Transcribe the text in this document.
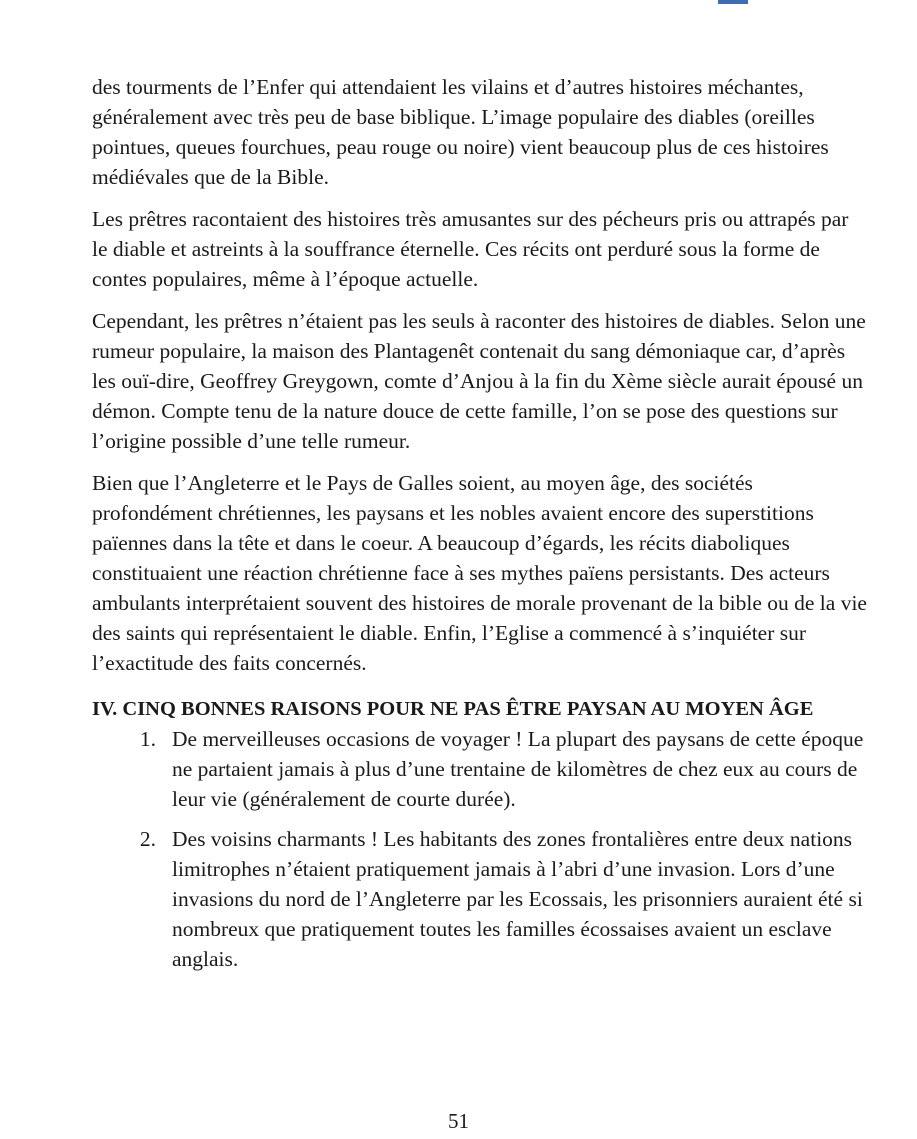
des tourments de l’Enfer qui attendaient les vilains et d’autres histoires méchantes, généralement avec très peu de base biblique. L’image populaire des diables (oreilles pointues, queues fourchues, peau rouge ou noire) vient beaucoup plus de ces histoires médiévales que de la Bible.

Les prêtres racontaient des histoires très amusantes sur des pécheurs pris ou attrapés par le diable et astreints à la souffrance éternelle. Ces récits ont perduré sous la forme de contes populaires, même à l’époque actuelle.

Cependant, les prêtres n’étaient pas les seuls à raconter des histoires de diables. Selon une rumeur populaire, la maison des Plantagenêt contenait du sang démoniaque car, d’après les ouï-dire, Geoffrey Greygown, comte d’Anjou à la fin du Xème siècle aurait épousé un démon. Compte tenu de la nature douce de cette famille, l’on se pose des questions sur l’origine possible d’une telle rumeur.

Bien que l’Angleterre et le Pays de Galles soient, au moyen âge, des sociétés profondément chrétiennes, les paysans et les nobles avaient encore des superstitions païennes dans la tête et dans le coeur. A beaucoup d’égards, les récits diaboliques constituaient une réaction chrétienne face à ses mythes païens persistants. Des acteurs ambulants interprétaient souvent des histoires de morale provenant de la bible ou de la vie des saints qui représentaient le diable. Enfin, l’Eglise a commencé à s’inquiéter sur l’exactitude des faits concernés.

IV. CINQ BONNES RAISONS POUR NE PAS ÊTRE PAYSAN AU MOYEN ÂGE
1. De merveilleuses occasions de voyager ! La plupart des paysans de cette époque ne partaient jamais à plus d’une trentaine de kilomètres de chez eux au cours de leur vie (généralement de courte durée).
2. Des voisins charmants ! Les habitants des zones frontalières entre deux nations limitrophes n’étaient pratiquement jamais à l’abri d’une invasion. Lors d’une invasions du nord de l’Angleterre par les Ecossais, les prisonniers auraient été si nombreux que pratiquement toutes les familles écossaises avaient un esclave anglais.
51
